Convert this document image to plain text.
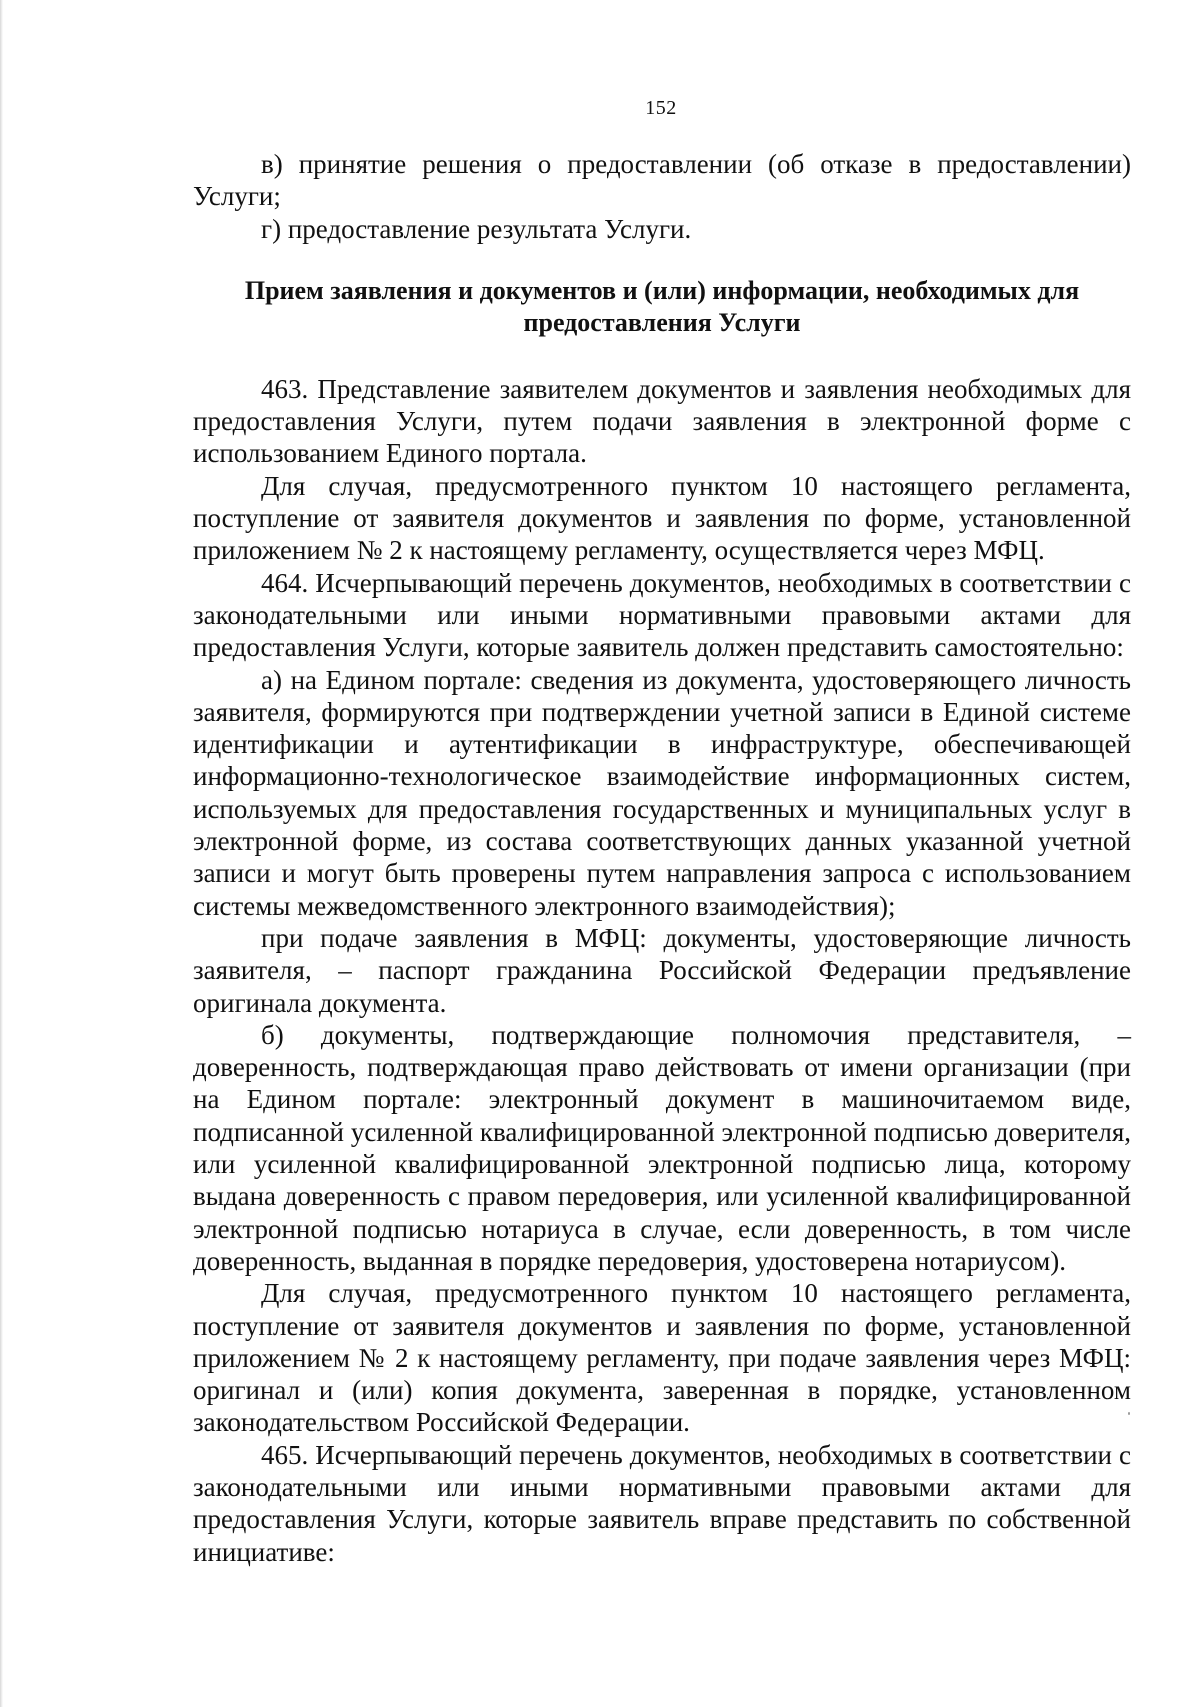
152

в) принятие решения о предоставлении (об отказе в предоставлении) Услуги;

г) предоставление результата Услуги.

Прием заявления и документов и (или) информации, необходимых для предоставления Услуги

463. Представление заявителем документов и заявления необходимых для предоставления Услуги, путем подачи заявления в электронной форме с использованием Единого портала.

Для случая, предусмотренного пунктом 10 настоящего регламента, поступление от заявителя документов и заявления по форме, установленной приложением № 2 к настоящему регламенту, осуществляется через МФЦ.

464. Исчерпывающий перечень документов, необходимых в соответствии с законодательными или иными нормативными правовыми актами для предоставления Услуги, которые заявитель должен представить самостоятельно:

а) на Едином портале: сведения из документа, удостоверяющего личность заявителя, формируются при подтверждении учетной записи в Единой системе идентификации и аутентификации в инфраструктуре, обеспечивающей информационно-технологическое взаимодействие информационных систем, используемых для предоставления государственных и муниципальных услуг в электронной форме, из состава соответствующих данных указанной учетной записи и могут быть проверены путем направления запроса с использованием системы межведомственного электронного взаимодействия);

при подаче заявления в МФЦ: документы, удостоверяющие личность заявителя, – паспорт гражданина Российской Федерации предъявление оригинала документа.

б) документы, подтверждающие полномочия представителя, – доверенность, подтверждающая право действовать от имени организации (при на Едином портале: электронный документ в машиночитаемом виде, подписанной усиленной квалифицированной электронной подписью доверителя, или усиленной квалифицированной электронной подписью лица, которому выдана доверенность с правом передоверия, или усиленной квалифицированной электронной подписью нотариуса в случае, если доверенность, в том числе доверенность, выданная в порядке передоверия, удостоверена нотариусом).

Для случая, предусмотренного пунктом 10 настоящего регламента, поступление от заявителя документов и заявления по форме, установленной приложением № 2 к настоящему регламенту, при подаче заявления через МФЦ: оригинал и (или) копия документа, заверенная в порядке, установленном законодательством Российской Федерации.

465. Исчерпывающий перечень документов, необходимых в соответствии с законодательными или иными нормативными правовыми актами для предоставления Услуги, которые заявитель вправе представить по собственной инициативе:
